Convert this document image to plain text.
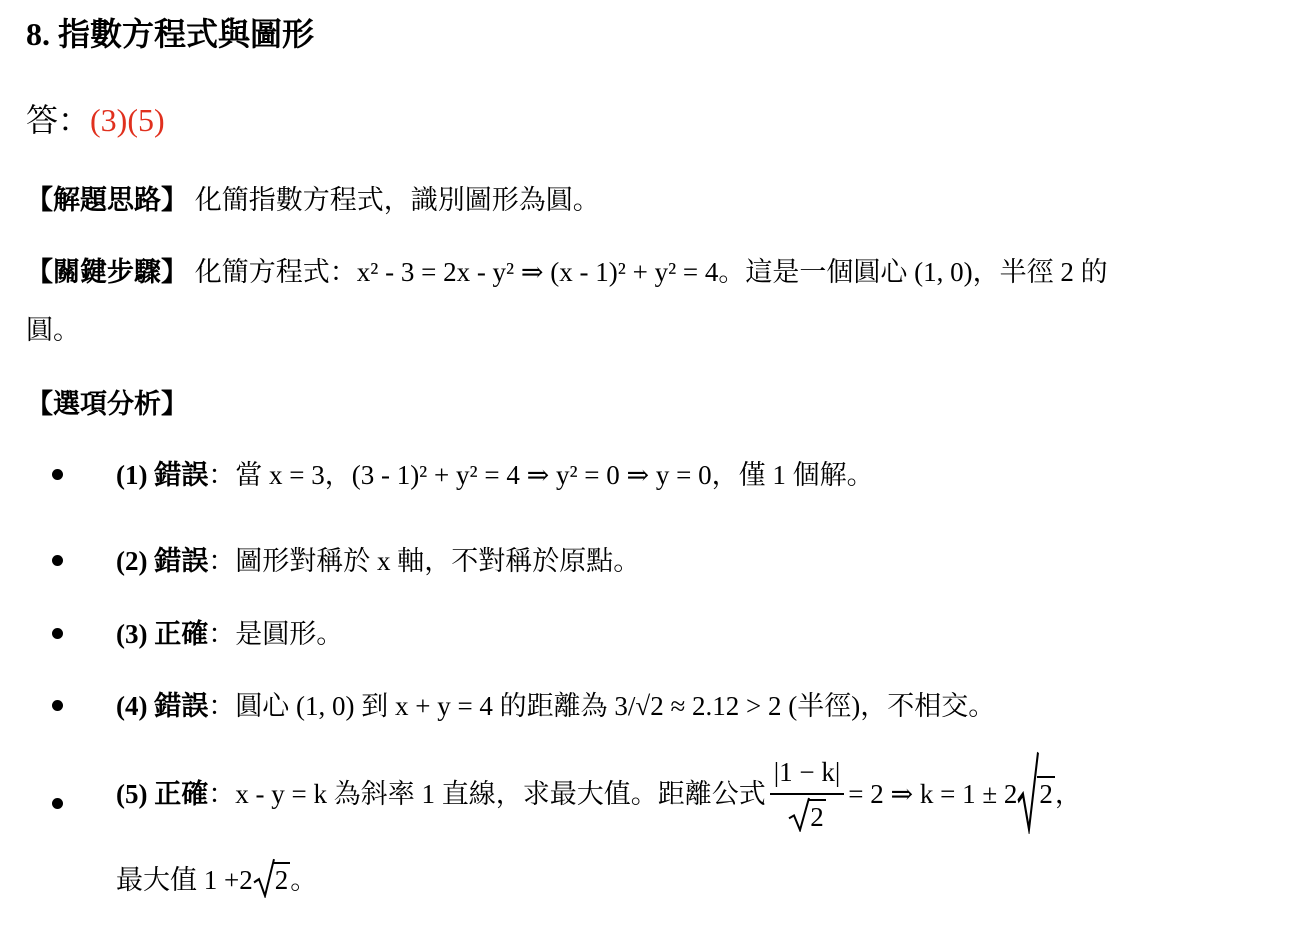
8. 指數方程式與圖形
答：(3)(5)
【解題思路】 化簡指數方程式，識別圖形為圓。
【關鍵步驟】 化簡方程式：x² - 3 = 2x - y² ⇒ (x - 1)² + y² = 4。這是一個圓心 (1, 0)，半徑 2 的
圓。
【選項分析】
(1) 錯誤：當 x = 3，(3 - 1)² + y² = 4 ⇒ y² = 0 ⇒ y = 0，僅 1 個解。
(2) 錯誤：圖形對稱於 x 軸，不對稱於原點。
(3) 正確：是圓形。
(4) 錯誤：圓心 (1, 0) 到 x + y = 4 的距離為 3/√2 ≈ 2.12 > 2 (半徑)，不相交。
(5) 正確 ：x - y = k 為斜率 1 直線，求最大值。距離公式 $\frac{|1 - k|}{2} = 2$ ⇒ k = 1 ± 2 2 ，
最大值 1 +2 2 。
